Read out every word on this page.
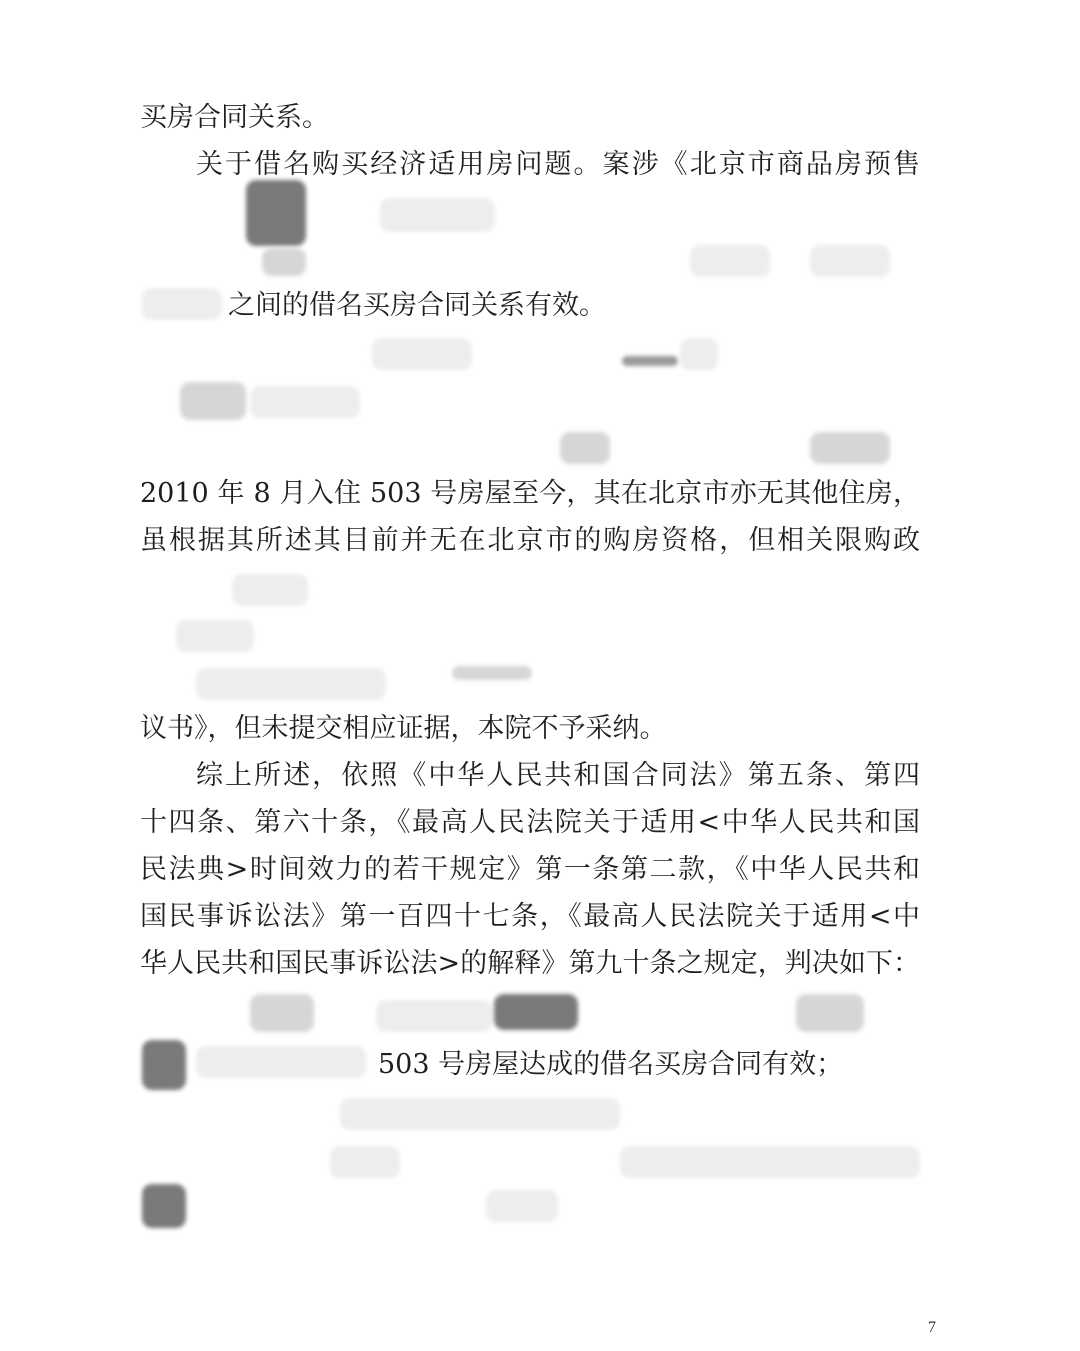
买房合同关系。
关于借名购买经济适用房问题。案涉《北京市商品房预售
之间的借名买房合同关系有效。
2010 年 8 月入住 503 号房屋至今，其在北京市亦无其他住房，
虽根据其所述其目前并无在北京市的购房资格，但相关限购政
议书》，但未提交相应证据，本院不予采纳。
综上所述，依照《中华人民共和国合同法》第五条、第四
十四条、第六十条，《最高人民法院关于适用<中华人民共和国
民法典>时间效力的若干规定》第一条第二款，《中华人民共和
国民事诉讼法》第一百四十七条，《最高人民法院关于适用<中
华人民共和国民事诉讼法>的解释》第九十条之规定，判决如下：
503 号房屋达成的借名买房合同有效；
7
